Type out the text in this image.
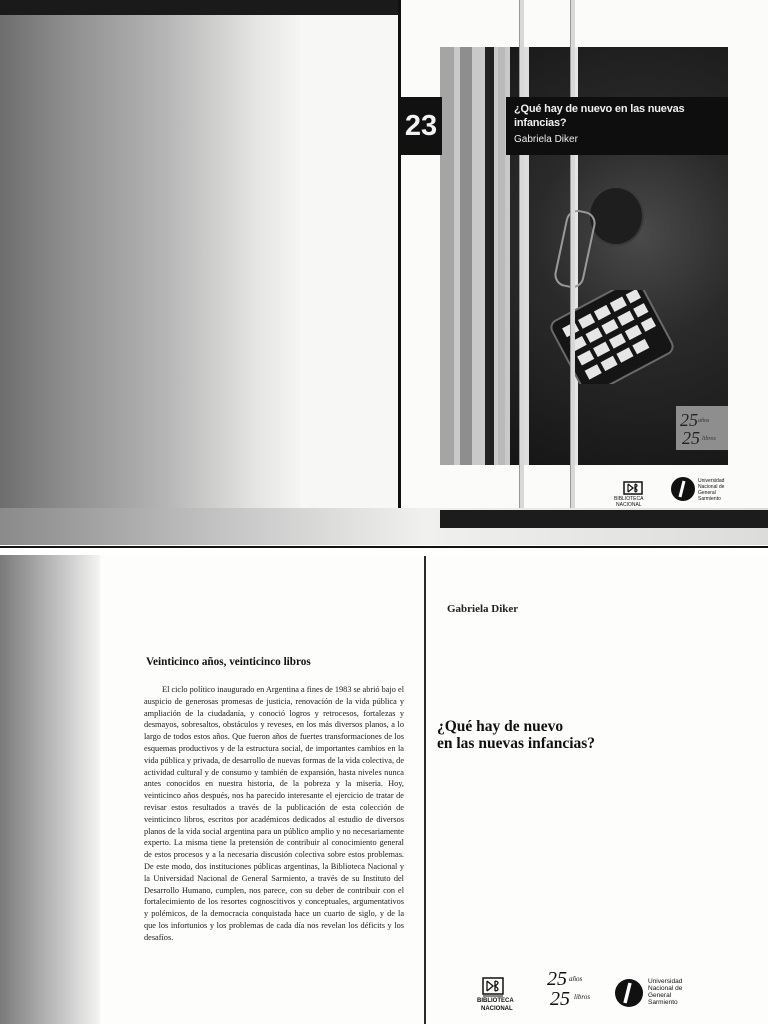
23
¿Qué hay de nuevo en las nuevas infancias?
Gabriela Diker
25 años
25 libros
BIBLIOTECA
NACIONAL
Universidad
Nacional de
General
Sarmiento
Veinticinco años, veinticinco libros

El ciclo político inaugurado en Argentina a fines de 1983 se abrió bajo el auspicio de generosas promesas de justicia, renovación de la vida pública y ampliación de la ciudadanía, y conoció logros y retrocesos, fortalezas y desmayos, sobresaltos, obstáculos y reveses, en los más diversos planos, a lo largo de todos estos años. Que fueron años de fuertes transformaciones de los esquemas productivos y de la estructura social, de importantes cambios en la vida pública y privada, de desarrollo de nuevas formas de la vida colectiva, de actividad cultural y de consumo y también de expansión, hasta niveles nunca antes conocidos en nuestra historia, de la pobreza y la miseria. Hoy, veinticinco años después, nos ha parecido interesante el ejercicio de tratar de revisar estos resultados a través de la publicación de esta colección de veinticinco libros, escritos por académicos dedicados al estudio de diversos planos de la vida social argentina para un público amplio y no necesariamente experto. La misma tiene la pretensión de contribuir al conocimiento general de estos procesos y a la necesaria discusión colectiva sobre estos problemas. De este modo, dos instituciones públicas argentinas, la Biblioteca Nacional y la Universidad Nacional de General Sarmiento, a través de su Instituto del Desarrollo Humano, cumplen, nos parece, con su deber de contribuir con el fortalecimiento de los resortes cognoscitivos y conceptuales, argumentativos y polémicos, de la democracia conquistada hace un cuarto de siglo, y de la que los infortunios y los problemas de cada día nos revelan los déficits y los desafíos.

Gabriela Diker
¿Qué hay de nuevo
en las nuevas infancias?
BIBLIOTECA
NACIONAL
25 años
25 libros
Universidad
Nacional de
General
Sarmiento
